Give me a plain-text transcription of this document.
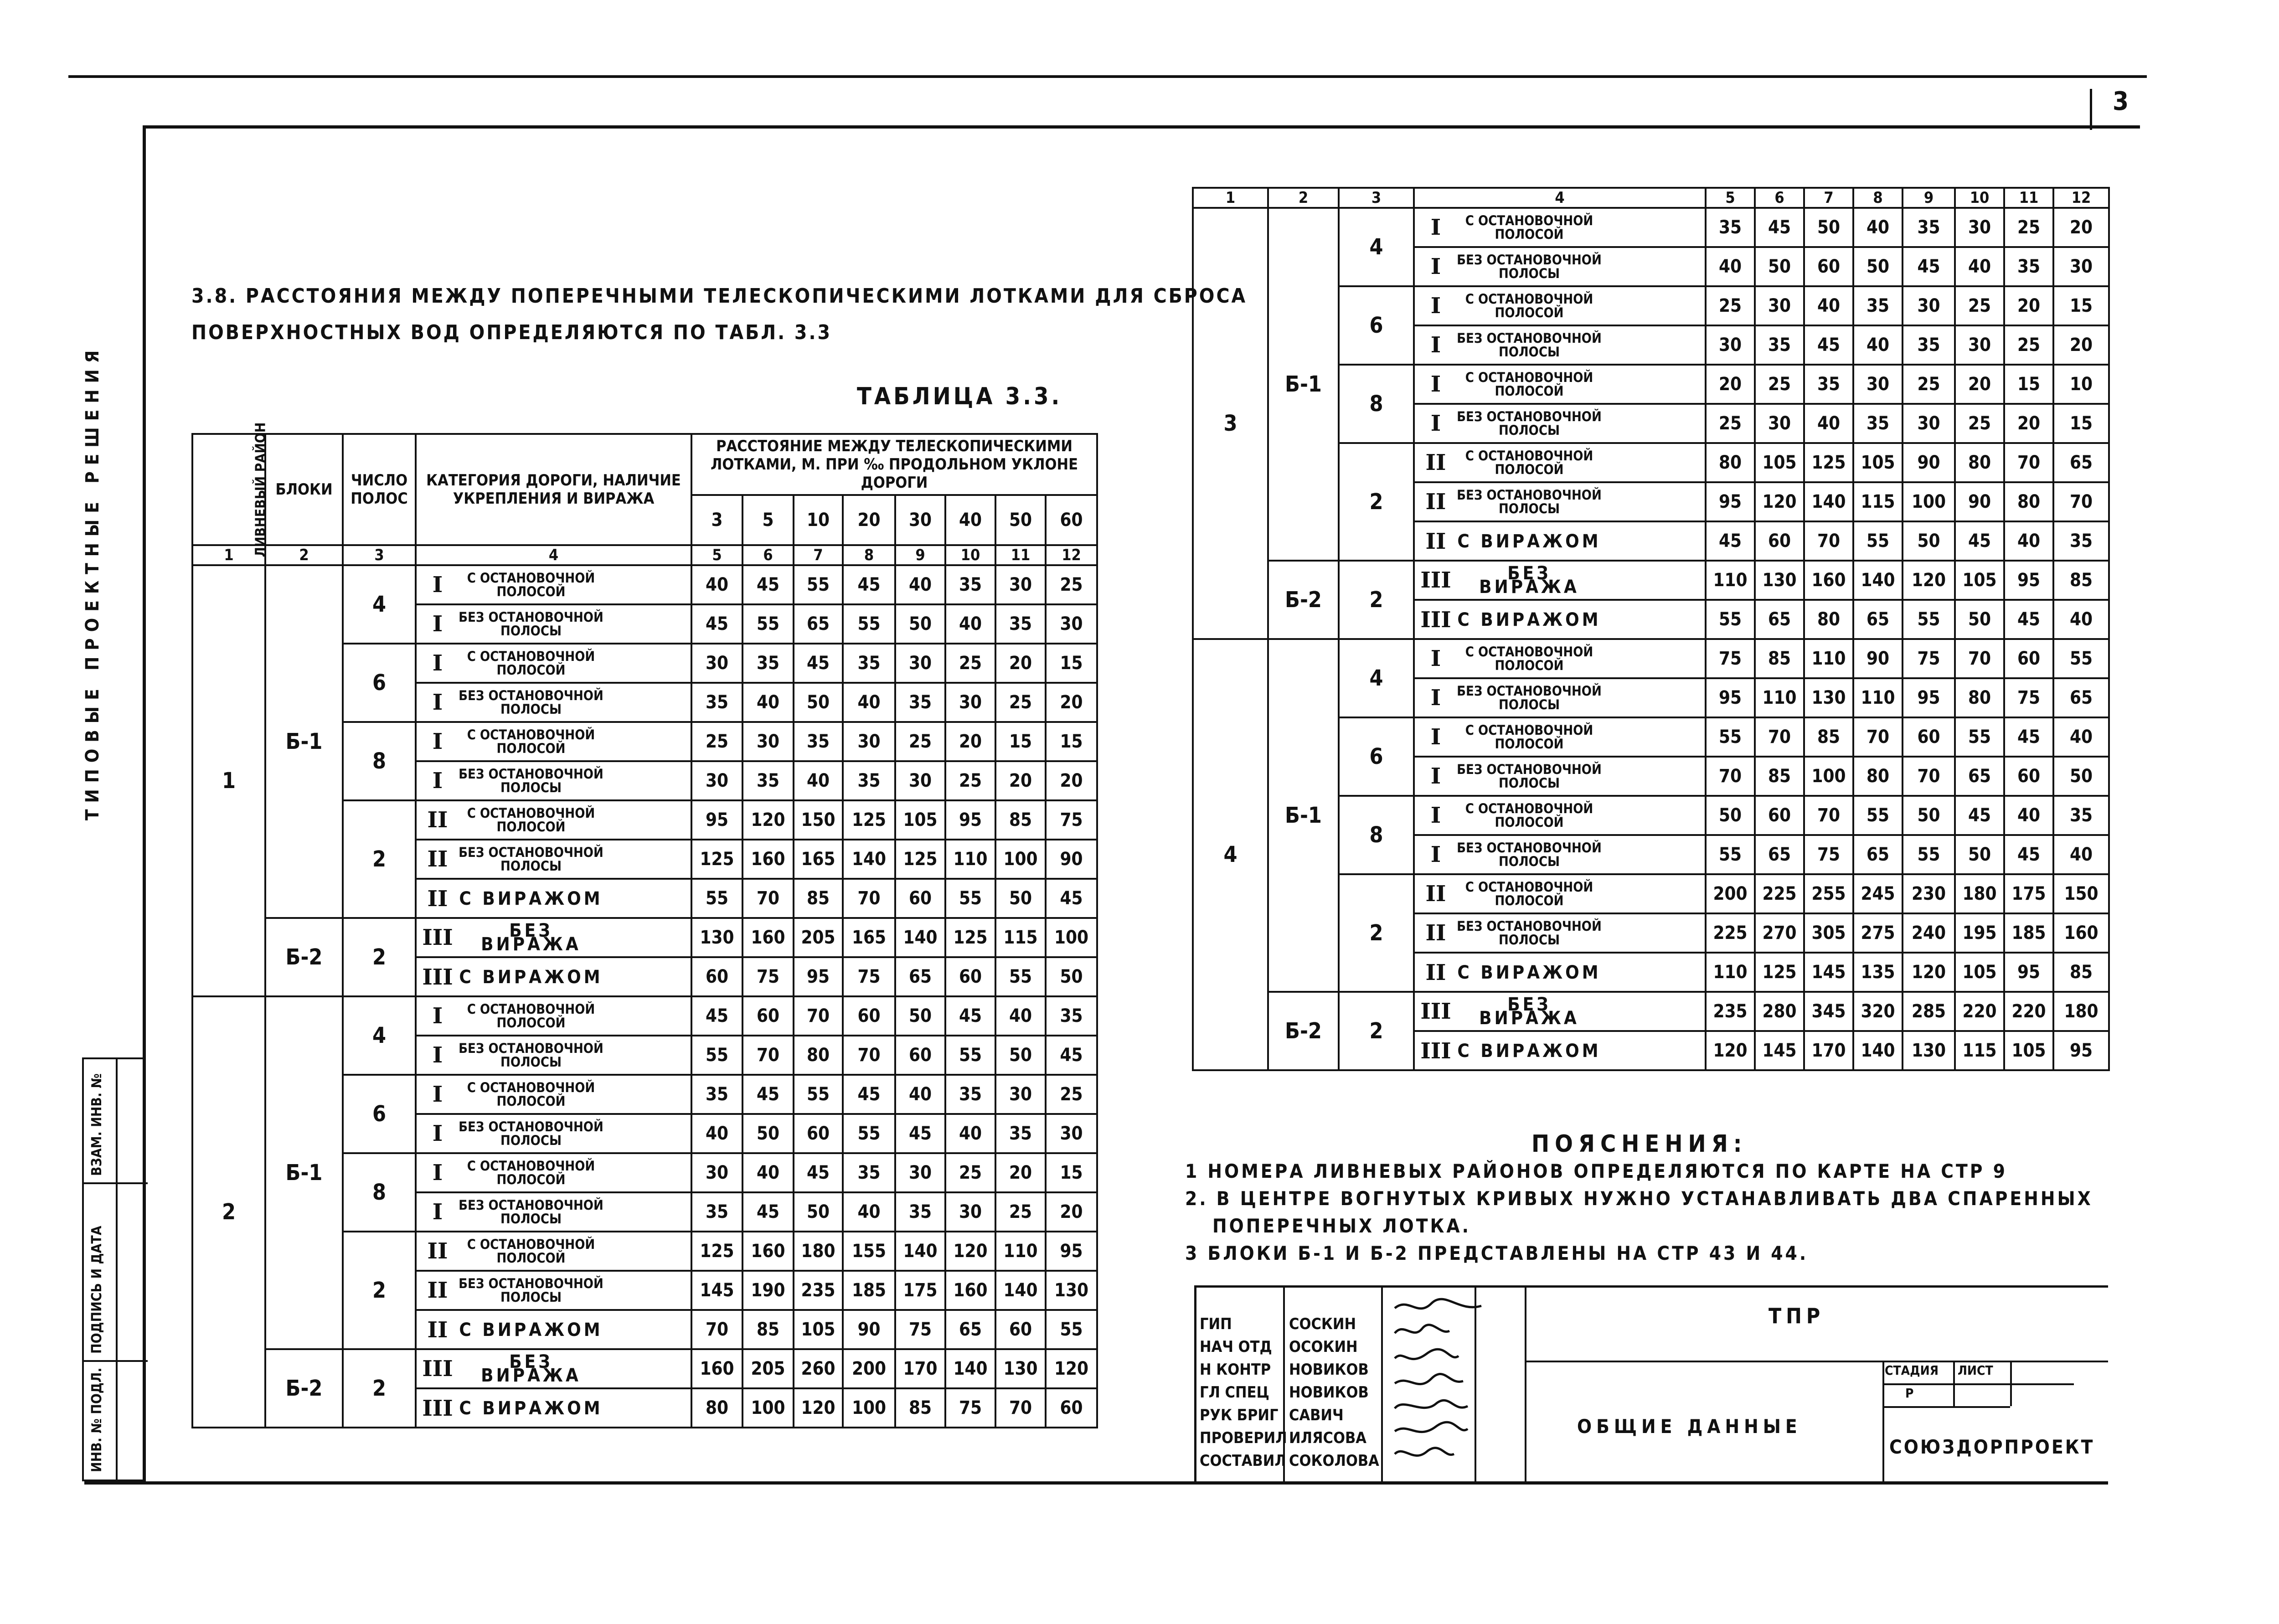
3
ТИПОВЫЕ ПРОЕКТНЫЕ РЕШЕНИЯ
ИНВ. № ПОДЛ.
ПОДПИСЬ И ДАТА
ВЗАМ. ИНВ. №
3.8. РАССТОЯНИЯ МЕЖДУ ПОПЕРЕЧНЫМИ ТЕЛЕСКОПИЧЕСКИМИ ЛОТКАМИ ДЛЯ СБРОСА
ПОВЕРХНОСТНЫХ ВОД ОПРЕДЕЛЯЮТСЯ ПО ТАБЛ. 3.3
ТАБЛИЦА 3.3.
ЛИВНЕВЫЙ РАЙОН	БЛОКИ	ЧИСЛО ПОЛОС	КАТЕГОРИЯ ДОРОГИ, НАЛИЧИЕ УКРЕПЛЕНИЯ И ВИРАЖА	РАССТОЯНИЕ МЕЖДУ ТЕЛЕСКОПИЧЕСКИМИ ЛОТКАМИ, М. ПРИ ‰ ПРОДОЛЬНОМ УКЛОНЕ ДОРОГИ							
				3	5	10	20	30	40	50	60
1	2	3	4	5	6	7	8	9	10	11	12
1	Б-1	4	I С ОСТАНОВОЧНОЙ ПОЛОСОЙ	40	45	55	45	40	35	30	25
			I БЕЗ ОСТАНОВОЧНОЙ ПОЛОСЫ	45	55	65	55	50	40	35	30
		6	I С ОСТАНОВОЧНОЙ ПОЛОСОЙ	30	35	45	35	30	25	20	15
			I БЕЗ ОСТАНОВОЧНОЙ ПОЛОСЫ	35	40	50	40	35	30	25	20
		8	I С ОСТАНОВОЧНОЙ ПОЛОСОЙ	25	30	35	30	25	20	15	15
			I БЕЗ ОСТАНОВОЧНОЙ ПОЛОСЫ	30	35	40	35	30	25	20	20
		2	II С ОСТАНОВОЧНОЙ ПОЛОСОЙ	95	120	150	125	105	95	85	75
			II БЕЗ ОСТАНОВОЧНОЙ ПОЛОСЫ	125	160	165	140	125	110	100	90
			II С ВИРАЖОМ	55	70	85	70	60	55	50	45
	Б-2	2	III БЕЗ ВИРАЖА	130	160	205	165	140	125	115	100
			III С ВИРАЖОМ	60	75	95	75	65	60	55	50
2	Б-1	4	I С ОСТАНОВОЧНОЙ ПОЛОСОЙ	45	60	70	60	50	45	40	35
			I БЕЗ ОСТАНОВОЧНОЙ ПОЛОСЫ	55	70	80	70	60	55	50	45
		6	I С ОСТАНОВОЧНОЙ ПОЛОСОЙ	35	45	55	45	40	35	30	25
			I БЕЗ ОСТАНОВОЧНОЙ ПОЛОСЫ	40	50	60	55	45	40	35	30
		8	I С ОСТАНОВОЧНОЙ ПОЛОСОЙ	30	40	45	35	30	25	20	15
			I БЕЗ ОСТАНОВОЧНОЙ ПОЛОСЫ	35	45	50	40	35	30	25	20
		2	II С ОСТАНОВОЧНОЙ ПОЛОСОЙ	125	160	180	155	140	120	110	95
			II БЕЗ ОСТАНОВОЧНОЙ ПОЛОСЫ	145	190	235	185	175	160	140	130
			II С ВИРАЖОМ	70	85	105	90	75	65	60	55
	Б-2	2	III БЕЗ ВИРАЖА	160	205	260	200	170	140	130	120
			III С ВИРАЖОМ	80	100	120	100	85	75	70	60
1	2	3	4	5	6	7	8	9	10	11	12
3	Б-1	4	I С ОСТАНОВОЧНОЙ ПОЛОСОЙ	35	45	50	40	35	30	25	20
			I БЕЗ ОСТАНОВОЧНОЙ ПОЛОСЫ	40	50	60	50	45	40	35	30
		6	I С ОСТАНОВОЧНОЙ ПОЛОСОЙ	25	30	40	35	30	25	20	15
			I БЕЗ ОСТАНОВОЧНОЙ ПОЛОСЫ	30	35	45	40	35	30	25	20
		8	I С ОСТАНОВОЧНОЙ ПОЛОСОЙ	20	25	35	30	25	20	15	10
			I БЕЗ ОСТАНОВОЧНОЙ ПОЛОСЫ	25	30	40	35	30	25	20	15
		2	II С ОСТАНОВОЧНОЙ ПОЛОСОЙ	80	105	125	105	90	80	70	65
			II БЕЗ ОСТАНОВОЧНОЙ ПОЛОСЫ	95	120	140	115	100	90	80	70
			II С ВИРАЖОМ	45	60	70	55	50	45	40	35
	Б-2	2	III БЕЗ ВИРАЖА	110	130	160	140	120	105	95	85
			III С ВИРАЖОМ	55	65	80	65	55	50	45	40
4	Б-1	4	I С ОСТАНОВОЧНОЙ ПОЛОСОЙ	75	85	110	90	75	70	60	55
			I БЕЗ ОСТАНОВОЧНОЙ ПОЛОСЫ	95	110	130	110	95	80	75	65
		6	I С ОСТАНОВОЧНОЙ ПОЛОСОЙ	55	70	85	70	60	55	45	40
			I БЕЗ ОСТАНОВОЧНОЙ ПОЛОСЫ	70	85	100	80	70	65	60	50
		8	I С ОСТАНОВОЧНОЙ ПОЛОСОЙ	50	60	70	55	50	45	40	35
			I БЕЗ ОСТАНОВОЧНОЙ ПОЛОСЫ	55	65	75	65	55	50	45	40
		2	II С ОСТАНОВОЧНОЙ ПОЛОСОЙ	200	225	255	245	230	180	175	150
			II БЕЗ ОСТАНОВОЧНОЙ ПОЛОСЫ	225	270	305	275	240	195	185	160
			II С ВИРАЖОМ	110	125	145	135	120	105	95	85
	Б-2	2	III БЕЗ ВИРАЖА	235	280	345	320	285	220	220	180
			III С ВИРАЖОМ	120	145	170	140	130	115	105	95
ПОЯСНЕНИЯ:
1 НОМЕРА ЛИВНЕВЫХ РАЙОНОВ ОПРЕДЕЛЯЮТСЯ ПО КАРТЕ НА СТР 9
2. В ЦЕНТРЕ ВОГНУТЫХ КРИВЫХ НУЖНО УСТАНАВЛИВАТЬ ДВА СПАРЕННЫХ
ПОПЕРЕЧНЫХ ЛОТКА.
3 БЛОКИ Б-1 И Б-2 ПРЕДСТАВЛЕНЫ НА СТР 43 И 44.
ГИП	СОСКИН
НАЧ ОТД ОСОКИН
Н КОНТР НОВИКОВ
ГЛ СПЕЦ НОВИКОВ
РУК БРИГ САВИЧ
ПРОВЕРИЛ ИЛЯСОВА
СОСТАВИЛ СОКОЛОВА
ТПР
ОБЩИЕ ДАННЫЕ
СТАДИЯ ЛИСТ
Р
СОЮЗДОРПРОЕКТ
